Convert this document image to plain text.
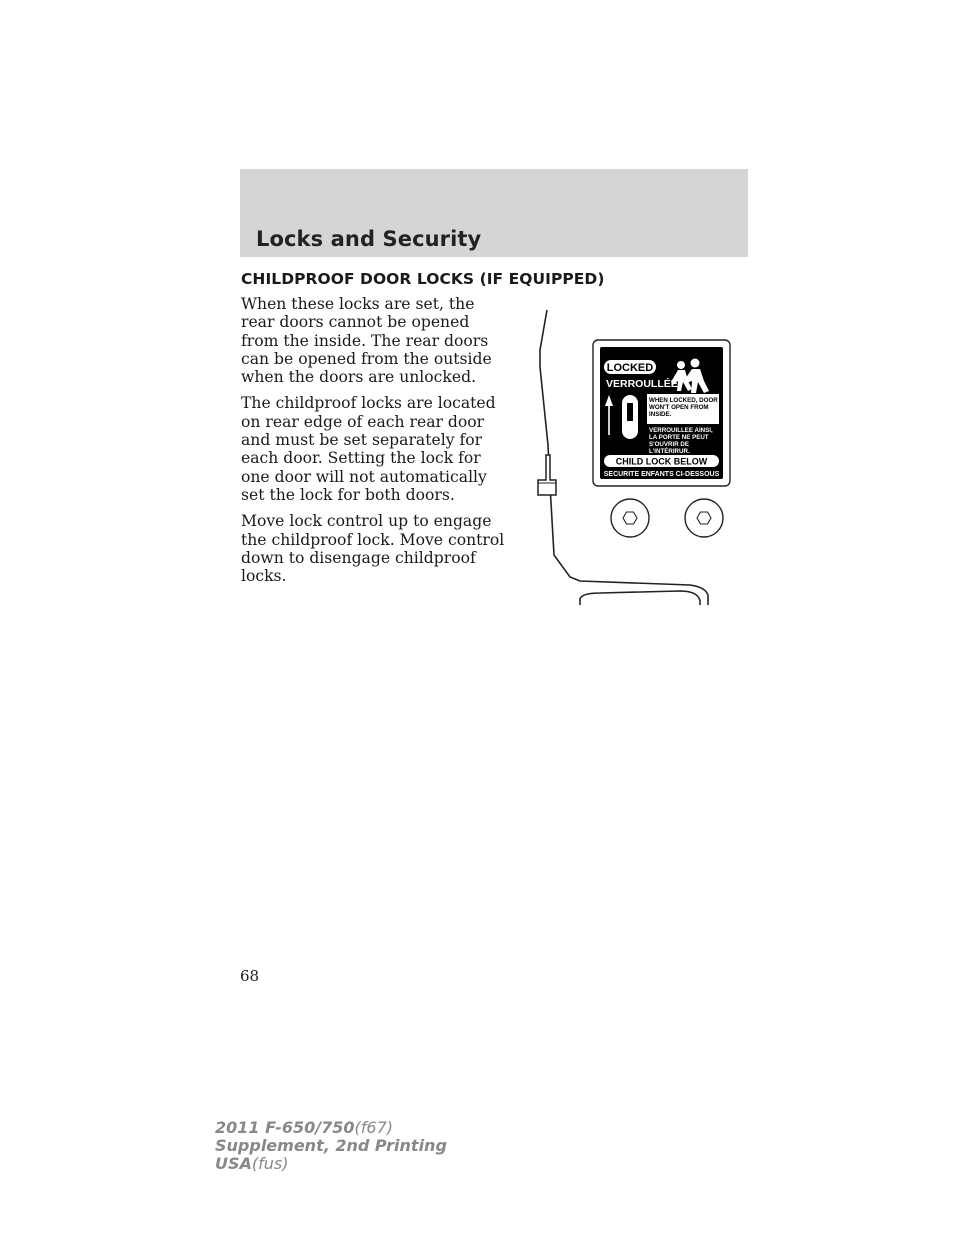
Locks and Security
CHILDPROOF DOOR LOCKS (IF EQUIPPED)

When these locks are set, the rear doors cannot be opened from the inside. The rear doors can be opened from the outside when the doors are unlocked.

The childproof locks are located on rear edge of each rear door and must be set separately for each door. Setting the lock for one door will not automatically set the lock for both doors.

Move lock control up to engage the childproof lock. Move control down to disengage childproof locks.

LOCKED
VERROULLÉE
WHEN LOCKED, DOOR
WON'T OPEN FROM
INSIDE.
VERROUILLEE AINSI,
LA PORTE NE PEUT
S'OUVRIR DE
L'INTÉRIRUR.
CHILD LOCK BELOW
SECURITE ENFANTS CI-DESSOUS
68
2011 F-650/750(f67)
Supplement, 2nd Printing
USA(fus)
